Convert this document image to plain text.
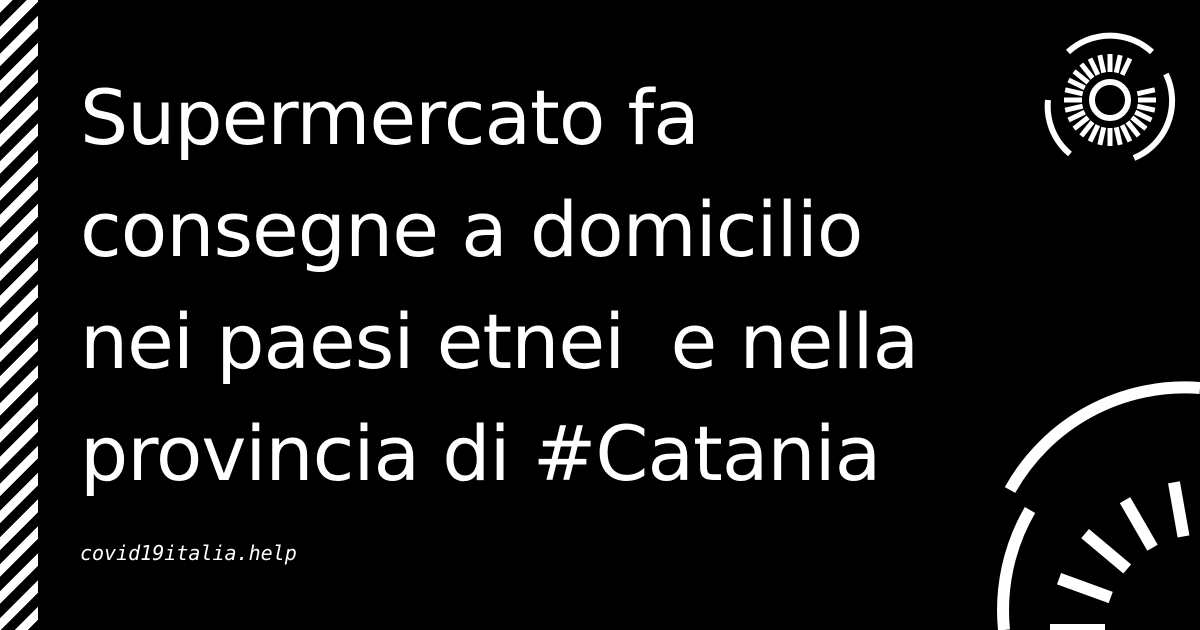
Supermercato fa
consegne a domicilio
nei paesi etnei  e nella
provincia di #Catania
covid19italia.help
